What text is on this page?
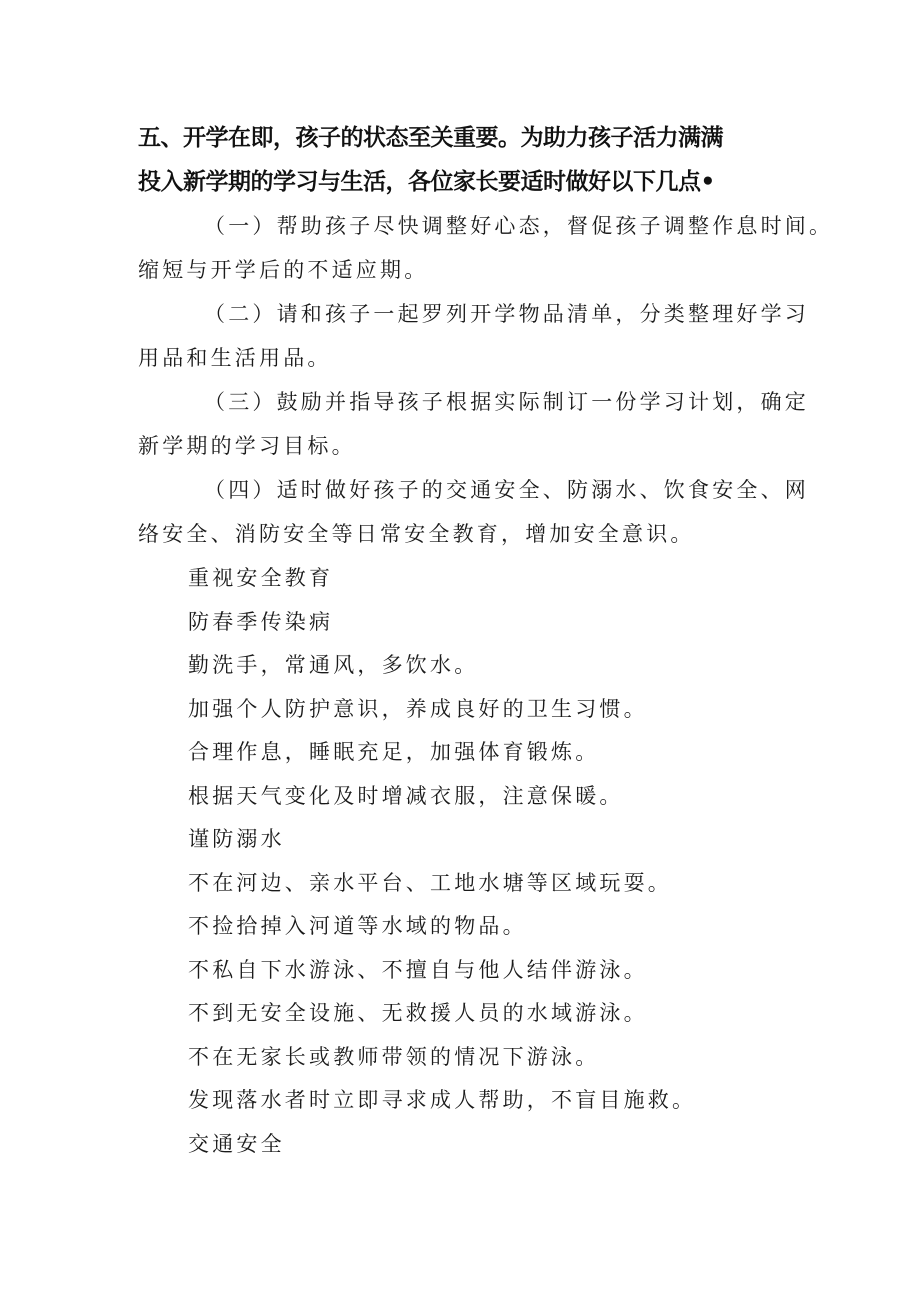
五、开学在即，孩子的状态至关重要。为助力孩子活力满满
投入新学期的学习与生活，各位家长要适时做好以下几点•
（一）帮助孩子尽快调整好心态，督促孩子调整作息时间。
缩短与开学后的不适应期。
（二）请和孩子一起罗列开学物品清单，分类整理好学习
用品和生活用品。
（三）鼓励并指导孩子根据实际制订一份学习计划，确定
新学期的学习目标。
（四）适时做好孩子的交通安全、防溺水、饮食安全、网
络安全、消防安全等日常安全教育，增加安全意识。
重视安全教育
防春季传染病
勤洗手，常通风，多饮水。
加强个人防护意识，养成良好的卫生习惯。
合理作息，睡眠充足，加强体育锻炼。
根据天气变化及时增减衣服，注意保暖。
谨防溺水
不在河边、亲水平台、工地水塘等区域玩耍。
不捡拾掉入河道等水域的物品。
不私自下水游泳、不擅自与他人结伴游泳。
不到无安全设施、无救援人员的水域游泳。
不在无家长或教师带领的情况下游泳。
发现落水者时立即寻求成人帮助，不盲目施救。
交通安全
